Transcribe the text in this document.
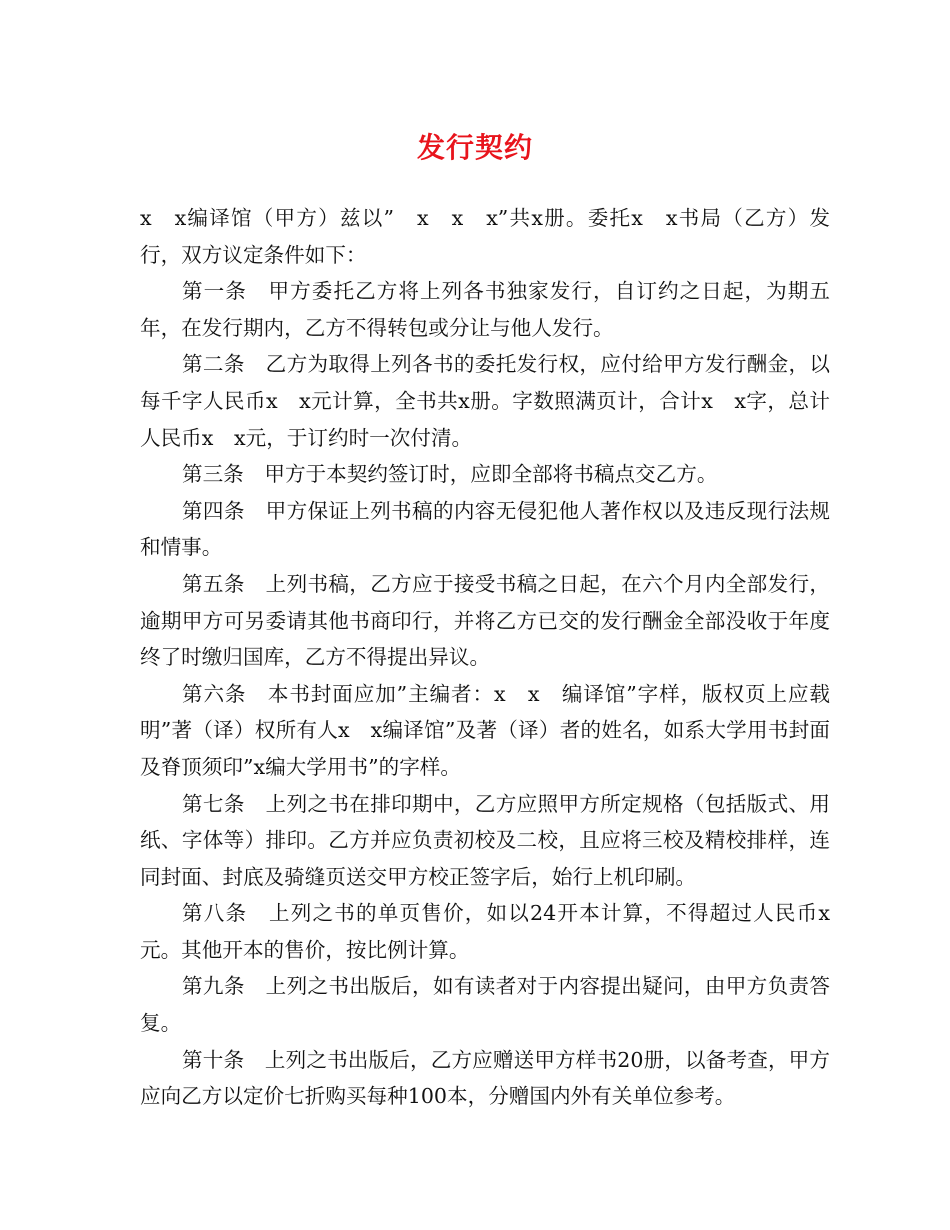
发行契约

x　x编译馆（甲方）兹以”　x　x　x”共x册。委托x　x书局（乙方）发行，双方议定条件如下：

第一条　甲方委托乙方将上列各书独家发行，自订约之日起，为期五年，在发行期内，乙方不得转包或分让与他人发行。

第二条　乙方为取得上列各书的委托发行权，应付给甲方发行酬金，以每千字人民币x　x元计算，全书共x册。字数照满页计，合计x　x字，总计人民币x　x元，于订约时一次付清。

第三条　甲方于本契约签订时，应即全部将书稿点交乙方。

第四条　甲方保证上列书稿的内容无侵犯他人著作权以及违反现行法规和情事。

第五条　上列书稿，乙方应于接受书稿之日起，在六个月内全部发行，逾期甲方可另委请其他书商印行，并将乙方已交的发行酬金全部没收于年度终了时缴归国库，乙方不得提出异议。

第六条　本书封面应加”主编者：x　x　编译馆”字样，版权页上应载明”著（译）权所有人x　x编译馆”及著（译）者的姓名，如系大学用书封面及脊顶须印”x编大学用书”的字样。

第七条　上列之书在排印期中，乙方应照甲方所定规格（包括版式、用纸、字体等）排印。乙方并应负责初校及二校，且应将三校及精校排样，连同封面、封底及骑缝页送交甲方校正签字后，始行上机印刷。

第八条　上列之书的单页售价，如以24开本计算，不得超过人民币x元。其他开本的售价，按比例计算。

第九条　上列之书出版后，如有读者对于内容提出疑问，由甲方负责答复。

第十条　上列之书出版后，乙方应赠送甲方样书20册，以备考查，甲方应向乙方以定价七折购买每种100本，分赠国内外有关单位参考。
